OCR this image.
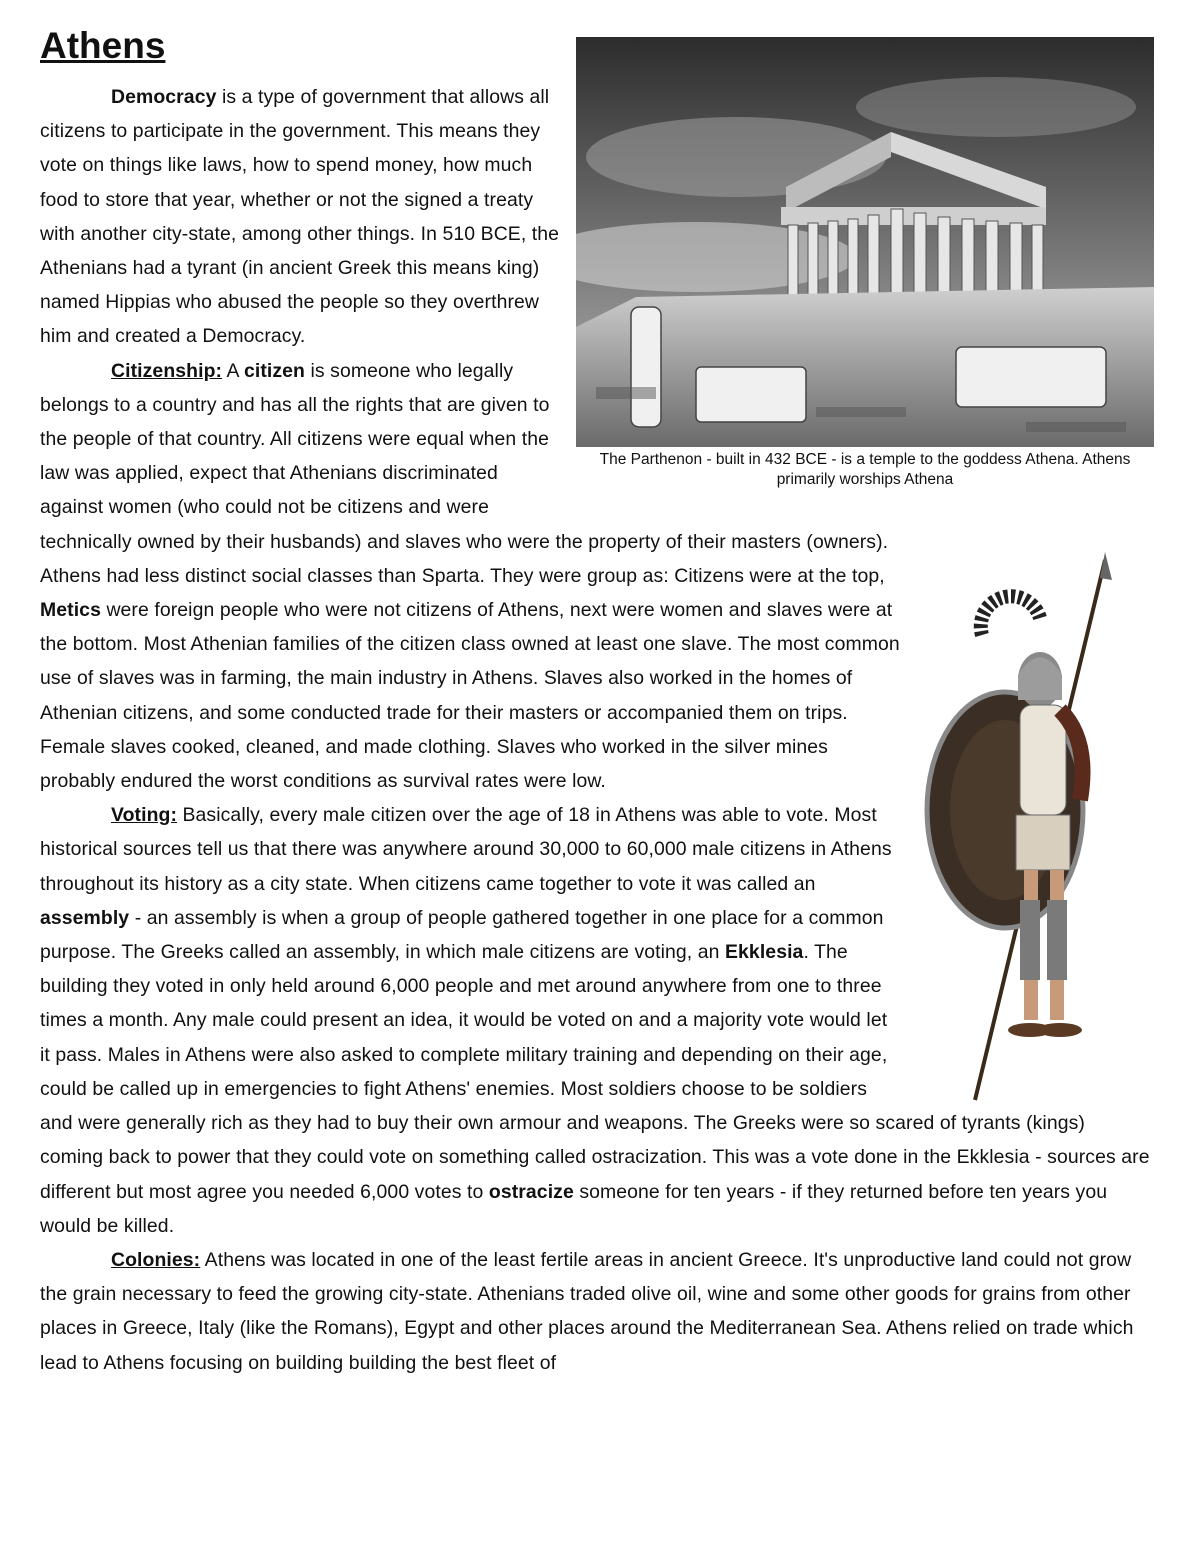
Athens
The Parthenon - built in 432 BCE - is a temple to the goddess Athena. Athens primarily worships Athena

Democracy is a type of government that allows all citizens to participate in the government. This means they vote on things like laws, how to spend money, how much food to store that year, whether or not the signed a treaty with another city-state, among other things. In 510 BCE, the Athenians had a tyrant (in ancient Greek this means king) named Hippias who abused the people so they overthrew him and created a Democracy.

Citizenship: A citizen is someone who legally belongs to a country and has all the rights that are given to the people of that country. All citizens were equal when the law was applied, expect that Athenians discriminated against women (who could not be citizens and were technically owned by their husbands) and slaves who were the property of their masters (owners). Athens had less distinct social classes than Sparta. They were group as: Citizens were at the top, Metics were foreign people who were not citizens of Athens, next were women and slaves were at the bottom. Most Athenian families of the citizen class owned at least one slave. The most common use of slaves was in farming, the main industry in Athens. Slaves also worked in the homes of Athenian citizens, and some conducted trade for their masters or accompanied them on trips. Female slaves cooked, cleaned, and made clothing. Slaves who worked in the silver mines probably endured the worst conditions as survival rates were low.

Voting: Basically, every male citizen over the age of 18 in Athens was able to vote. Most historical sources tell us that there was anywhere around 30,000 to 60,000 male citizens in Athens throughout its history as a city state. When citizens came together to vote it was called an assembly - an assembly is when a group of people gathered together in one place for a common purpose. The Greeks called an assembly, in which male citizens are voting, an Ekklesia. The building they voted in only held around 6,000 people and met around anywhere from one to three times a month. Any male could present an idea, it would be voted on and a majority vote would let it pass. Males in Athens were also asked to complete military training and depending on their age, could be called up in emergencies to fight Athens' enemies. Most soldiers choose to be soldiers and were generally rich as they had to buy their own armour and weapons. The Greeks were so scared of tyrants (kings) coming back to power that they could vote on something called ostracization. This was a vote done in the Ekklesia - sources are different but most agree you needed 6,000 votes to ostracize someone for ten years - if they returned before ten years you would be killed.

Colonies: Athens was located in one of the least fertile areas in ancient Greece. It's unproductive land could not grow the grain necessary to feed the growing city-state. Athenians traded olive oil, wine and some other goods for grains from other places in Greece, Italy (like the Romans), Egypt and other places around the Mediterranean Sea. Athens relied on trade which lead to Athens focusing on building building the best fleet of
